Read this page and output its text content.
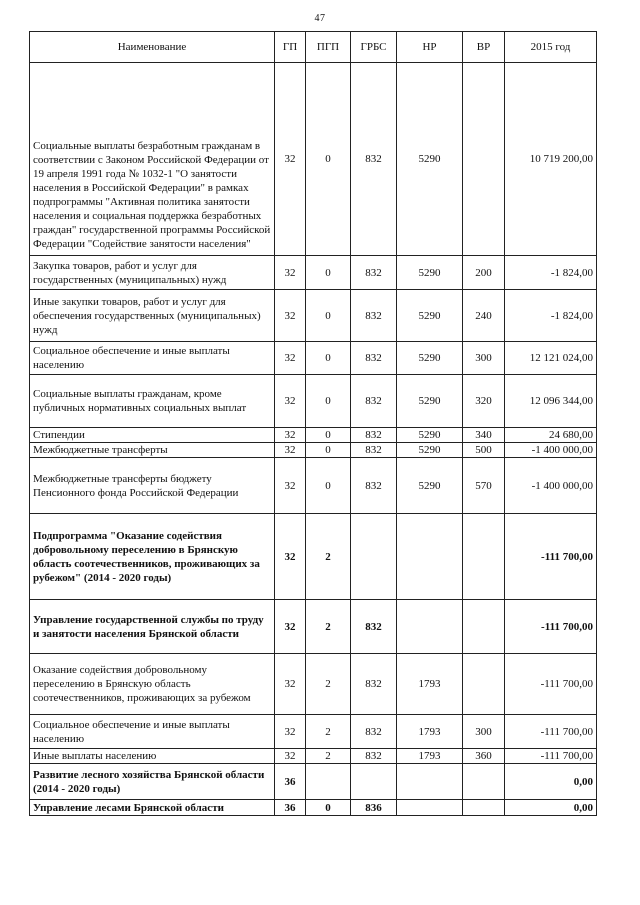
47
Наименование	ГП	ПГП	ГРБС	НР	ВР	2015 год
Социальные выплаты безработным гражданам в соответствии с Законом Российской Федерации от 19 апреля 1991 года № 1032-1 "О занятости населения в Российской Федерации" в рамках подпрограммы "Активная политика занятости населения и социальная поддержка безработных граждан" государственной программы Российской Федерации "Содействие занятости населения"	32	0	832	5290		10 719 200,00
Закупка товаров, работ и услуг для государственных (муниципальных) нужд	32	0	832	5290	200	-1 824,00
Иные закупки товаров, работ и услуг для обеспечения государственных (муниципальных) нужд	32	0	832	5290	240	-1 824,00
Социальное обеспечение и иные выплаты населению	32	0	832	5290	300	12 121 024,00
Социальные выплаты гражданам, кроме публичных нормативных социальных выплат	32	0	832	5290	320	12 096 344,00
Стипендии	32	0	832	5290	340	24 680,00
Межбюджетные трансферты	32	0	832	5290	500	-1 400 000,00
Межбюджетные трансферты бюджету Пенсионного фонда Российской Федерации	32	0	832	5290	570	-1 400 000,00
Подпрограмма "Оказание содействия добровольному переселению в Брянскую область соотечественников, проживающих за рубежом" (2014 - 2020 годы)	32	2				-111 700,00
Управление государственной службы по труду и занятости населения Брянской области	32	2	832			-111 700,00
Оказание содействия добровольному переселению в Брянскую область соотечественников, проживающих за рубежом	32	2	832	1793		-111 700,00
Социальное обеспечение и иные выплаты населению	32	2	832	1793	300	-111 700,00
Иные выплаты населению	32	2	832	1793	360	-111 700,00
Развитие лесного хозяйства Брянской области (2014 - 2020 годы)	36					0,00
Управление лесами Брянской области	36	0	836			0,00
